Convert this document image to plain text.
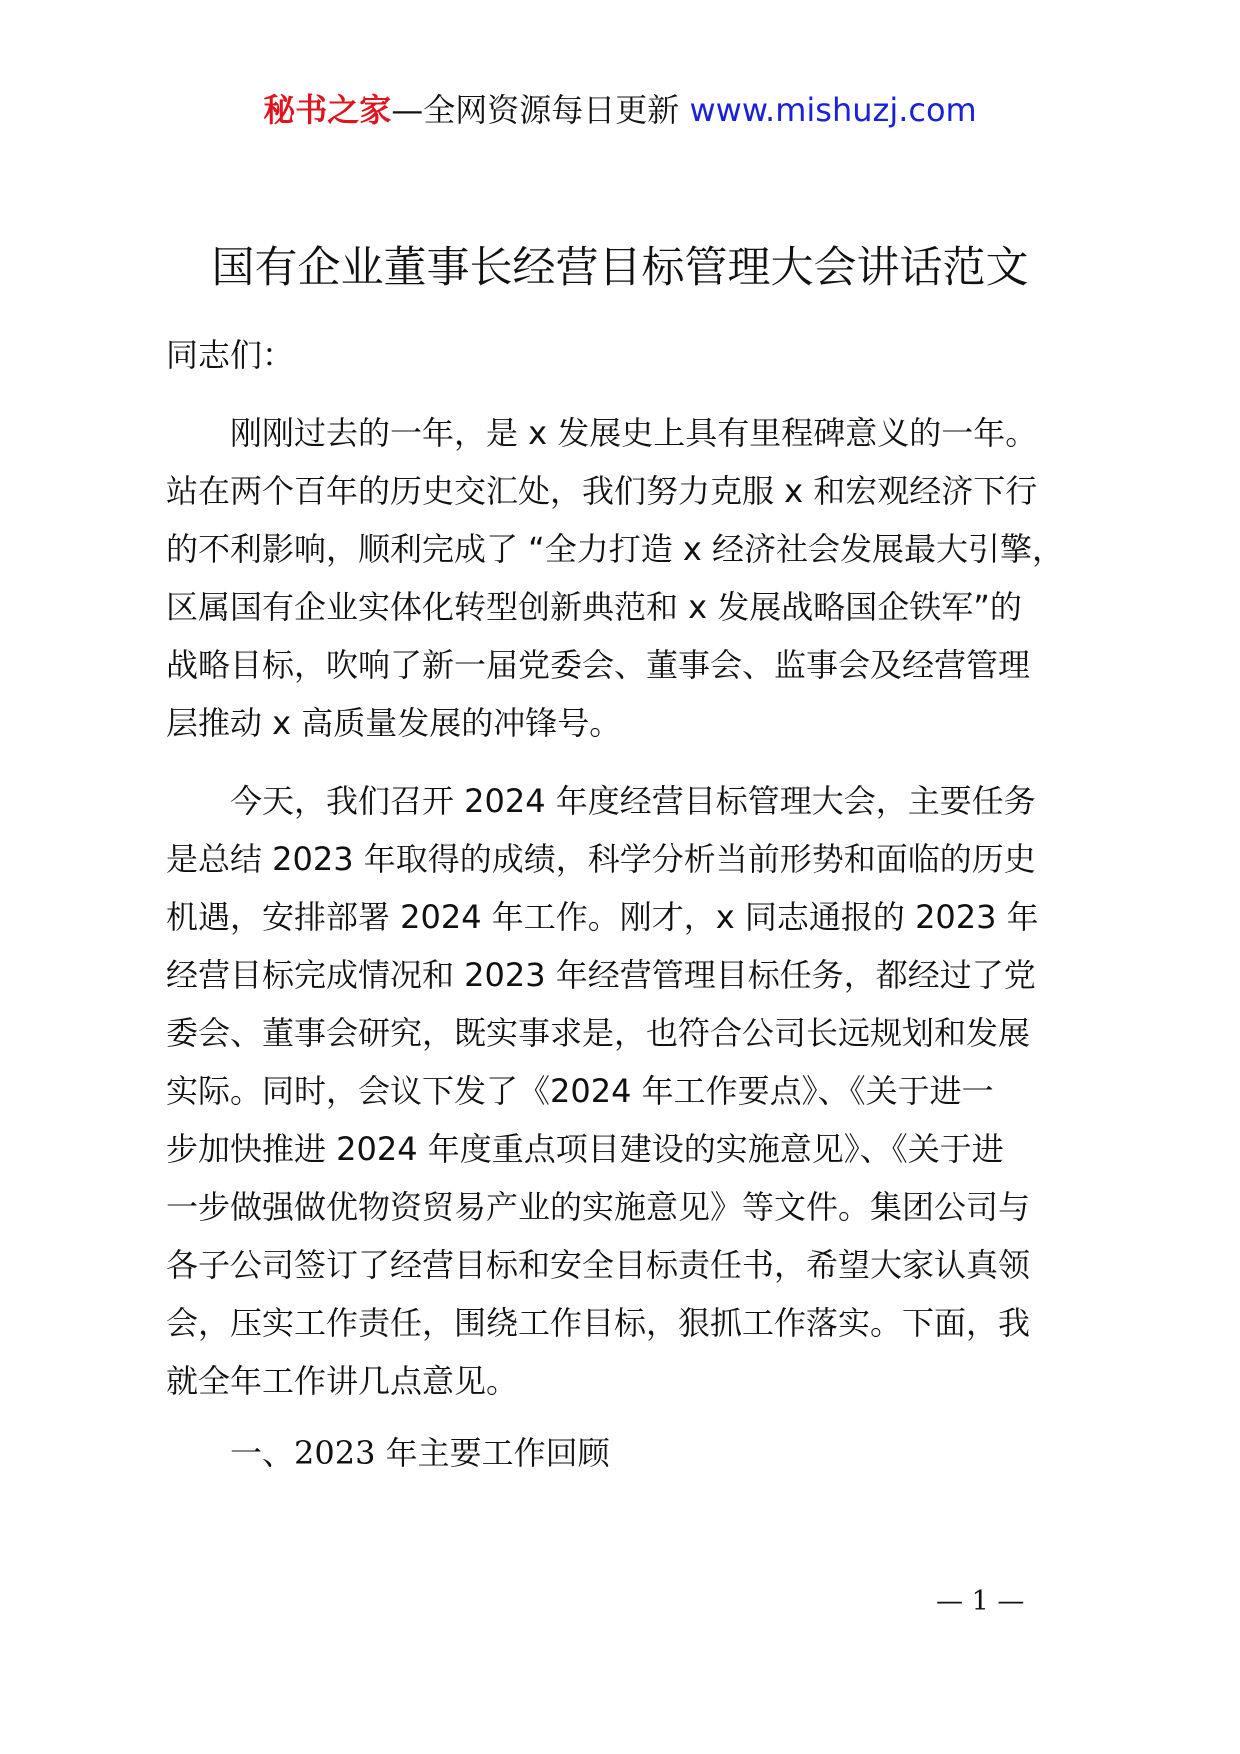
秘书之家—全网资源每日更新 www.mishuzj.com
国有企业董事长经营目标管理大会讲话范文
同志们：
刚刚过去的一年，是 x 发展史上具有里程碑意义的一年。
站在两个百年的历史交汇处，我们努力克服 x 和宏观经济下行
的不利影响，顺利完成了 “全力打造 x 经济社会发展最大引擎，
区属国有企业实体化转型创新典范和 x 发展战略国企铁军”的
战略目标，吹响了新一届党委会、董事会、监事会及经营管理
层推动 x 高质量发展的冲锋号。
今天，我们召开 2024 年度经营目标管理大会，主要任务
是总结 2023 年取得的成绩，科学分析当前形势和面临的历史
机遇，安排部署 2024 年工作。刚才，x 同志通报的 2023 年
经营目标完成情况和 2023 年经营管理目标任务，都经过了党
委会、董事会研究，既实事求是，也符合公司长远规划和发展
实际。同时，会议下发了《2024 年工作要点》、《关于进一
步加快推进 2024 年度重点项目建设的实施意见》、《关于进
一步做强做优物资贸易产业的实施意见》等文件。集团公司与
各子公司签订了经营目标和安全目标责任书，希望大家认真领
会，压实工作责任，围绕工作目标，狠抓工作落实。下面，我
就全年工作讲几点意见。
一、2023 年主要工作回顾
— 1 —
